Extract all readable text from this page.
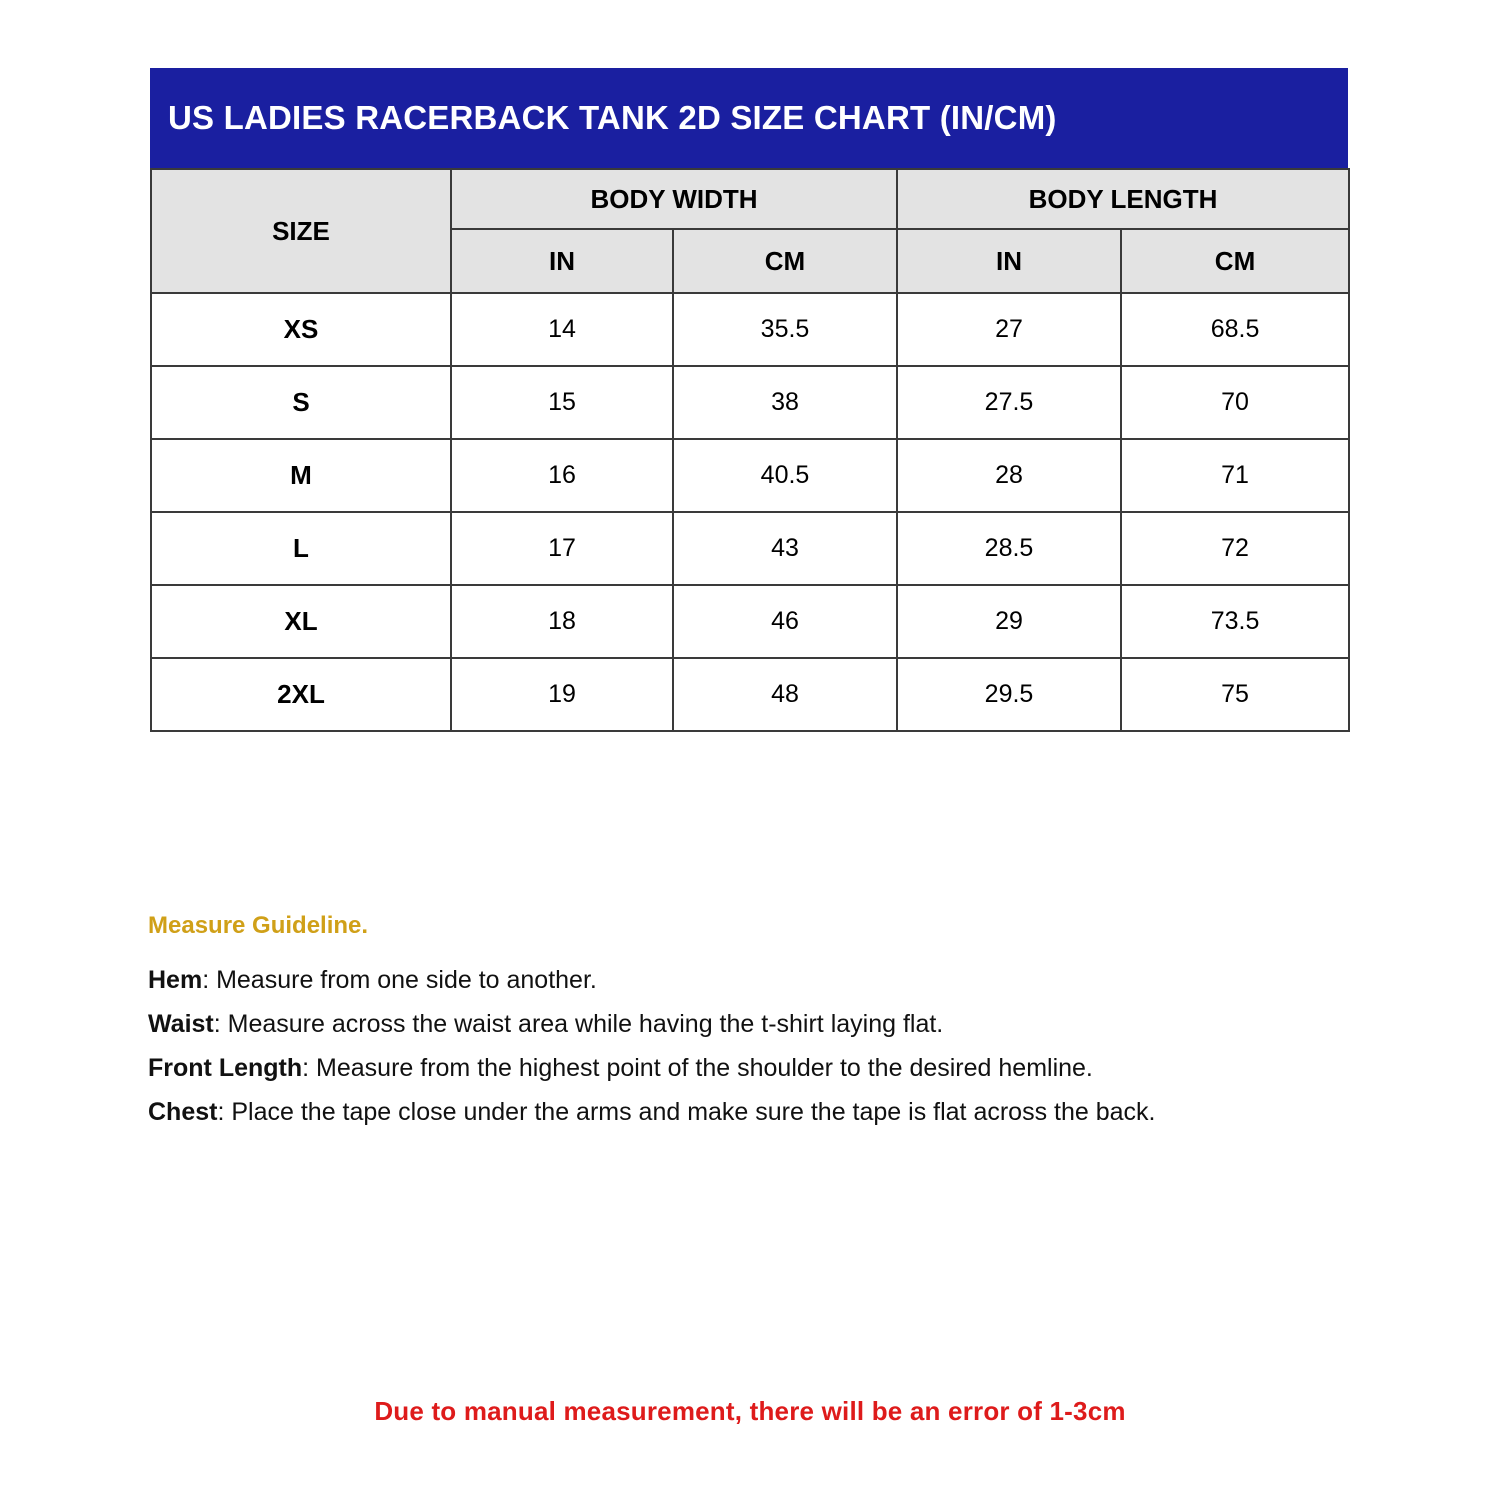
US LADIES RACERBACK TANK 2D SIZE CHART (IN/CM)
SIZE	BODY WIDTH		BODY LENGTH	
	IN	CM	IN	CM
XS	14	35.5	27	68.5
S	15	38	27.5	70
M	16	40.5	28	71
L	17	43	28.5	72
XL	18	46	29	73.5
2XL	19	48	29.5	75
Measure Guideline.
Hem: Measure from one side to another.
Waist: Measure across the waist area while having the t-shirt laying flat.
Front Length: Measure from the highest point of the shoulder to the desired hemline.
Chest: Place the tape close under the arms and make sure the tape is flat across the back.
Due to manual measurement, there will be an error of 1-3cm
